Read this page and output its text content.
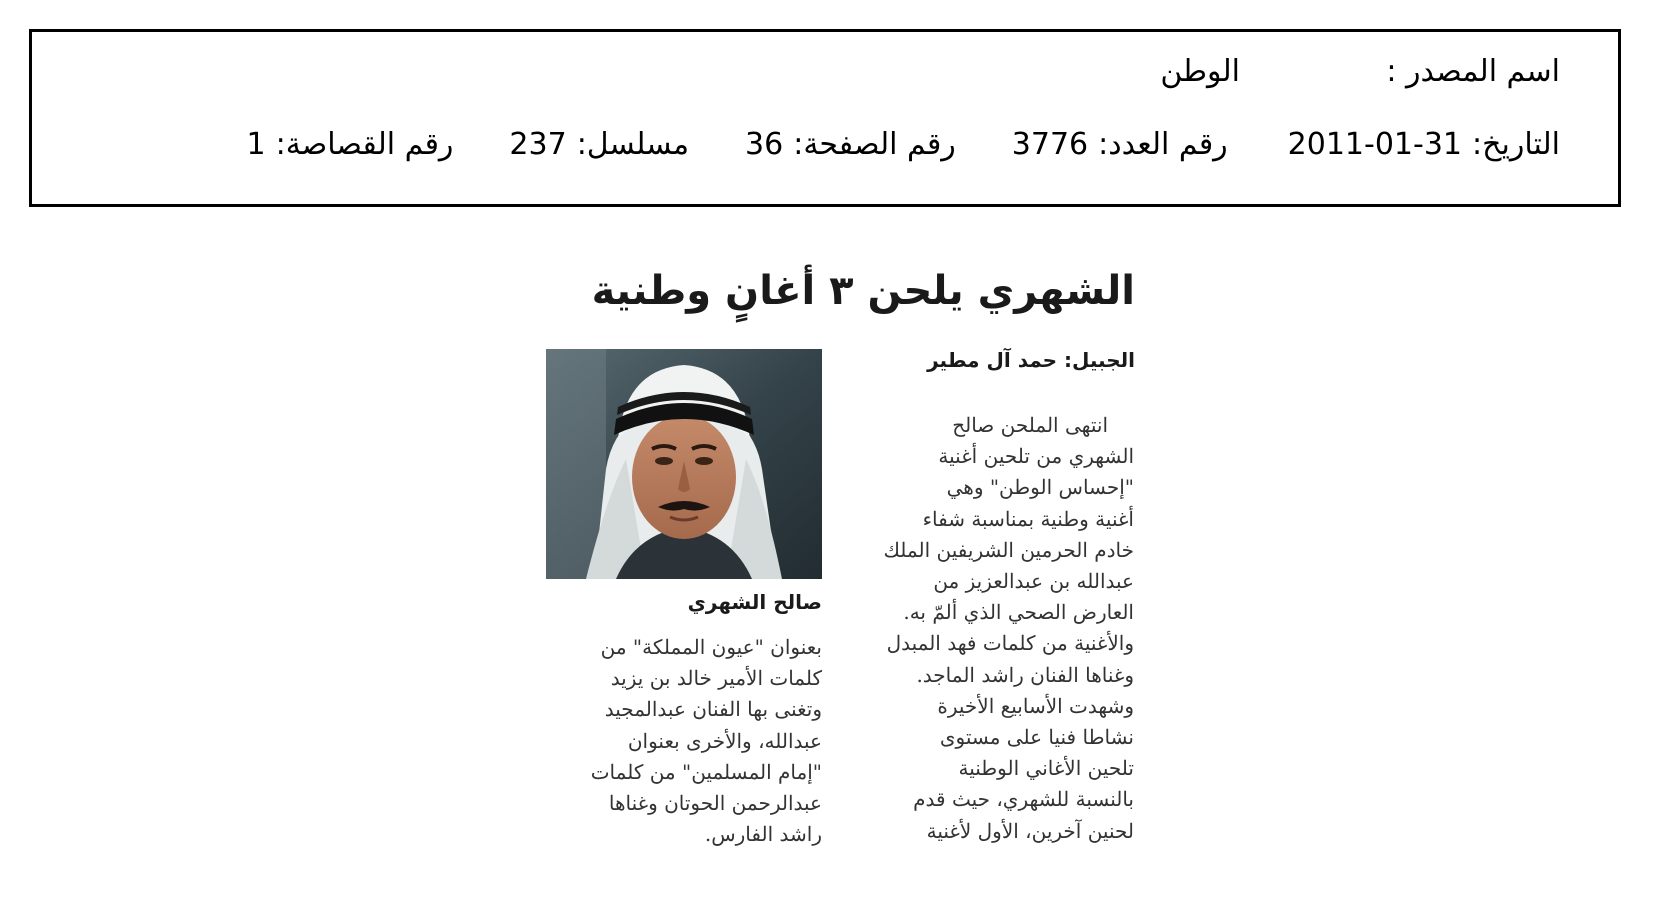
اسم المصدر :
الوطن
التاريخ:
2011-01-31
رقم العدد:
3776
رقم الصفحة:
36
مسلسل:
237
رقم القصاصة:
1
الشهري يلحن ٣ أغانٍ وطنية
الجبيل: حمد آل مطير
انتهى الملحن صالح
الشهري من تلحين أغنية
"إحساس الوطن" وهي
أغنية وطنية بمناسبة شفاء
خادم الحرمين الشريفين الملك
عبدالله بن عبدالعزيز من
العارض الصحي الذي ألمّ به.
والأغنية من كلمات فهد المبدل
وغناها الفنان راشد الماجد.
وشهدت الأسابيع الأخيرة
نشاطا فنيا على مستوى
تلحين الأغاني الوطنية
بالنسبة للشهري، حيث قدم
لحنين آخرين، الأول لأغنية
صالح الشهري
بعنوان "عيون المملكة" من
كلمات الأمير خالد بن يزيد
وتغنى بها الفنان عبدالمجيد
عبدالله، والأخرى بعنوان
"إمام المسلمين" من كلمات
عبدالرحمن الحوتان وغناها
راشد الفارس.
